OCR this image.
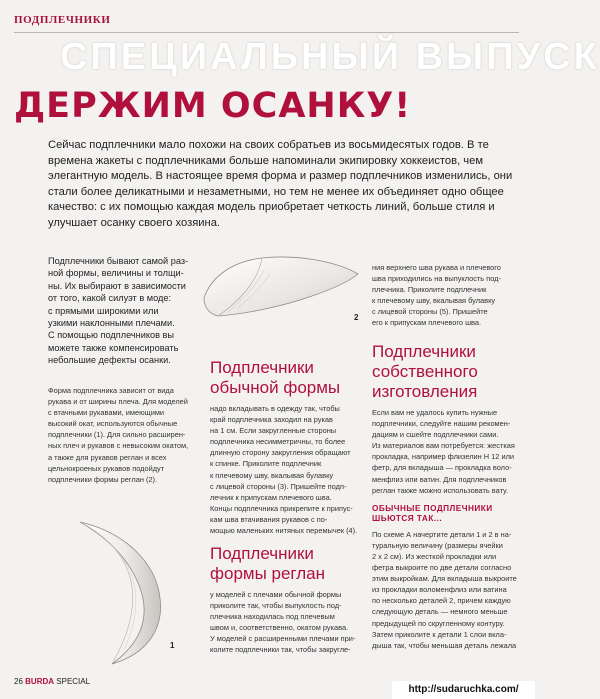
ПОДПЛЕЧНИКИ
СПЕЦИАЛЬНЫЙ ВЫПУСК
ДЕРЖИМ ОСАНКУ!

Сейчас подплечники мало похожи на своих собратьев из восьмидесятых годов. В те времена жакеты с подплечниками больше напоминали экипировку хоккеистов, чем элегантную модель. В настоящее время форма и размер подплечников изменились, они стали более деликатными и незаметными, но тем не менее их объединяет одно общее качество: с их помощью каждая модель приобретает четкость линий, больше стиля и улучшает осанку своего хозяина.

Подплечники бывают самой раз-
ной формы, величины и толщи-
ны. Их выбирают в зависимости
от того, какой силуэт в моде:
с прямыми широкими или
узкими наклонными плечами.
С помощью подплечников вы
можете также компенсировать
небольшие дефекты осанки.
Форма подплечника зависит от вида
рукава и от ширины плеча. Для моделей
с втачными рукавами, имеющими
высокий окат, используются обычные
подплечники (1). Для сильно расширен-
ных плеч и рукавов с невысоким окатом,
а также для рукавов реглан и всех
цельнокроеных рукавов подойдут
подплечники формы реглан (2).
2
Подплечники
обычной формы
надо вкладывать в одежду так, чтобы
край подплечника заходил на рукав
на 1 см. Если закругленные стороны
подплечника несимметричны, то более
длинную сторону закругления обращают
к спинке. Приколите подплечник
к плечевому шву, вкалывая булавку
с лицевой стороны (3). Пришейте подп-
лечник к припускам плечевого шва.
Концы подплечника прикрепите к припус-
кам шва втачивания рукавов с по-
мощью маленьких нитяных перемычек (4).
Подплечники
формы реглан
у моделей с плечами обычной формы
приколите так, чтобы выпуклость под-
плечника находилась под плечевым
швом и, соответственно, окатом рукава.
У моделей с расширенными плечами при-
колите подплечники так, чтобы закругле-
ния верхнего шва рукава и плечевого
шва приходились на выпуклость под-
плечника. Приколите подплечник
к плечевому шву, вкалывая булавку
с лицевой стороны (5). Пришейте
его к припускам плечевого шва.
Подплечники
собственного
изготовления
Если вам не удалось купить нужные
подплечники, следуйте нашим рекомен-
дациям и сшейте подплечники сами.
Из материалов вам потребуется: жесткая
прокладка, например флизелин Н 12 или
фетр, для вкладыша — прокладка воло-
менфлиз или ватин. Для подплечников
реглан также можно использовать вату.
ОБЫЧНЫЕ ПОДПЛЕЧНИКИ
ШЬЮТСЯ ТАК...
По схеме А начертите детали 1 и 2 в на-
туральную величину (размеры ячейки
2 х 2 см). Из жесткой прокладки или
фетра выкроите по две детали согласно
этим выкройкам. Для вкладыша выкроите
из прокладки воломенфлиз или ватина
по несколько деталей 2, причем каждую
следующую деталь — немного меньше
предыдущей по скругленному контуру.
Затем приколите к детали 1 слои вкла-
дыша так, чтобы меньшая деталь лежала
1
26 BURDA SPECIAL
http://sudaruchka.com/
